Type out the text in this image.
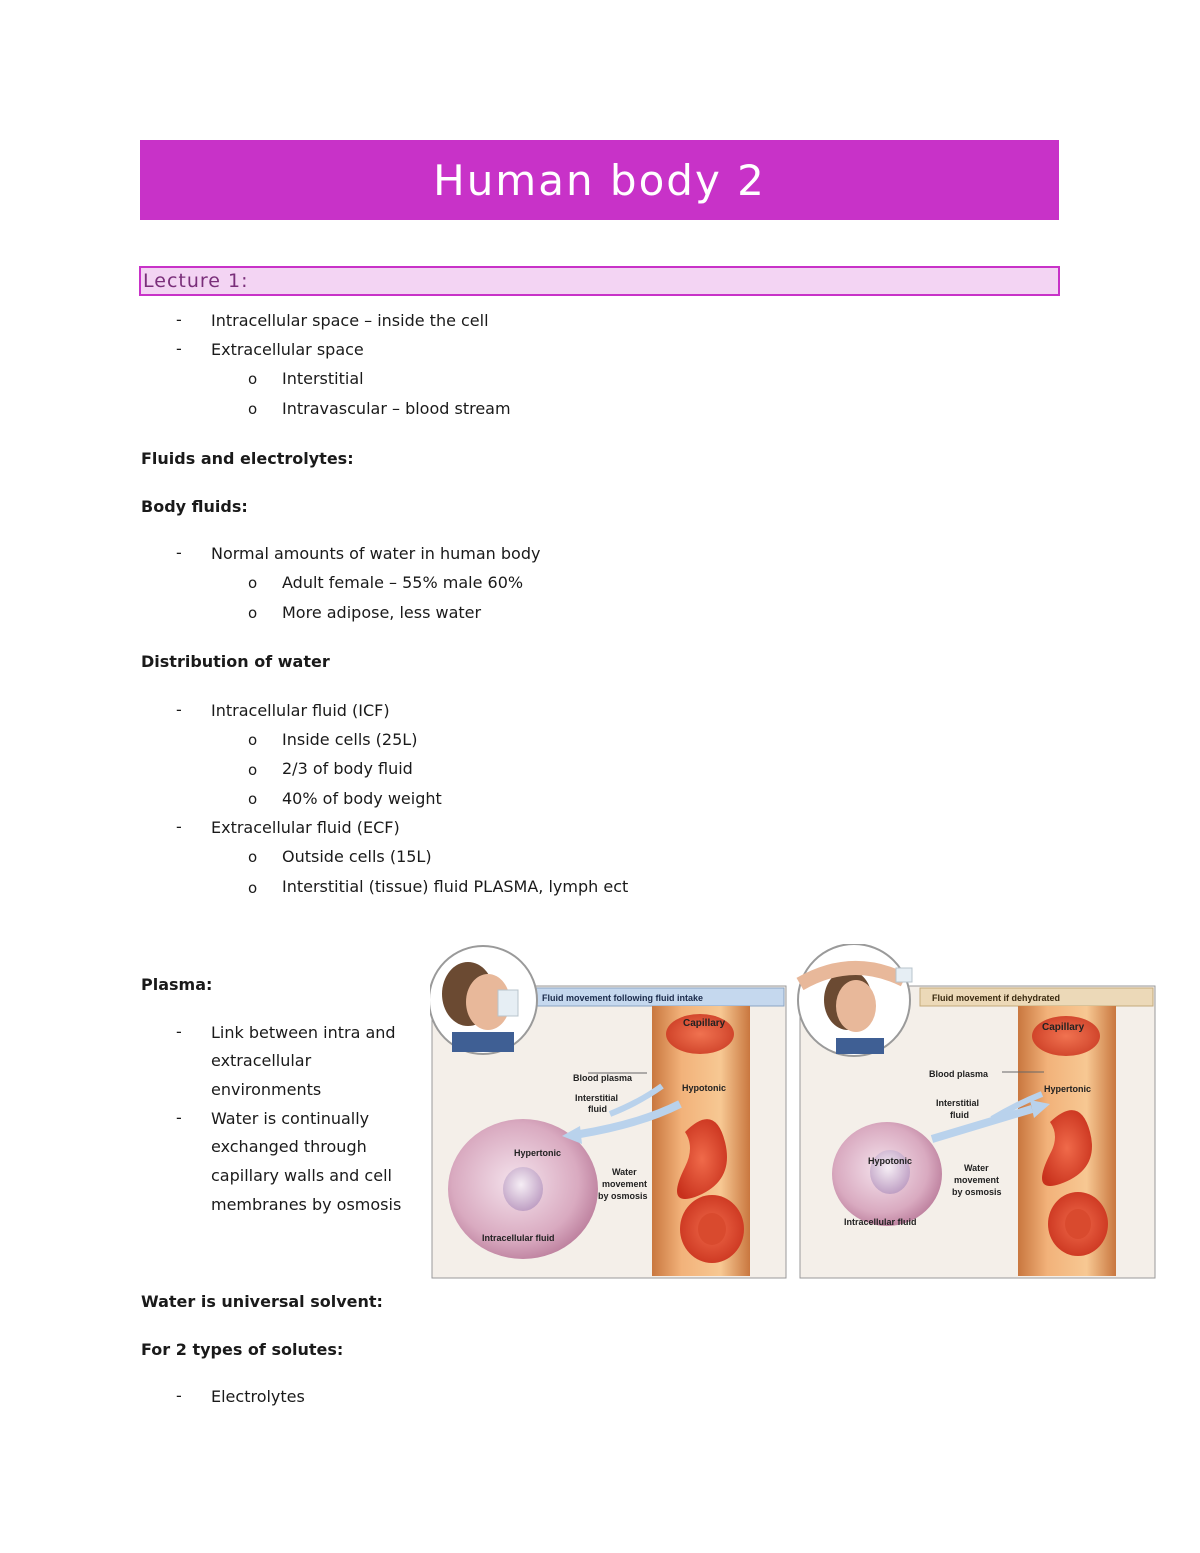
Human body 2
Lecture 1:
- Intracellular space – inside the cell
- Extracellular space
o Interstitial
o Intravascular – blood stream
Fluids and electrolytes:
Body fluids:
- Normal amounts of water in human body
o Adult female – 55% male 60%
o More adipose, less water
Distribution of water
- Intracellular fluid (ICF)
o Inside cells (25L)
o 2/3 of body fluid
o 40% of body weight
- Extracellular fluid (ECF)
o Outside cells (15L)
o Interstitial (tissue) fluid PLASMA, lymph ect
Plasma:
- Link between intra and
extracellular
environments
- Water is continually
exchanged through
capillary walls and cell
membranes by osmosis
Water is universal solvent:
For 2 types of solutes:
- Electrolytes
Fluid movement following fluid intake
Capillary
Blood plasma
Hypotonic
Interstitial
fluid
Hypertonic
Water
movement
by osmosis
Intracellular fluid
Fluid movement if dehydrated
Capillary
Blood plasma
Hypertonic
Interstitial
fluid
Hypotonic
Water
movement
by osmosis
Intracellular fluid
